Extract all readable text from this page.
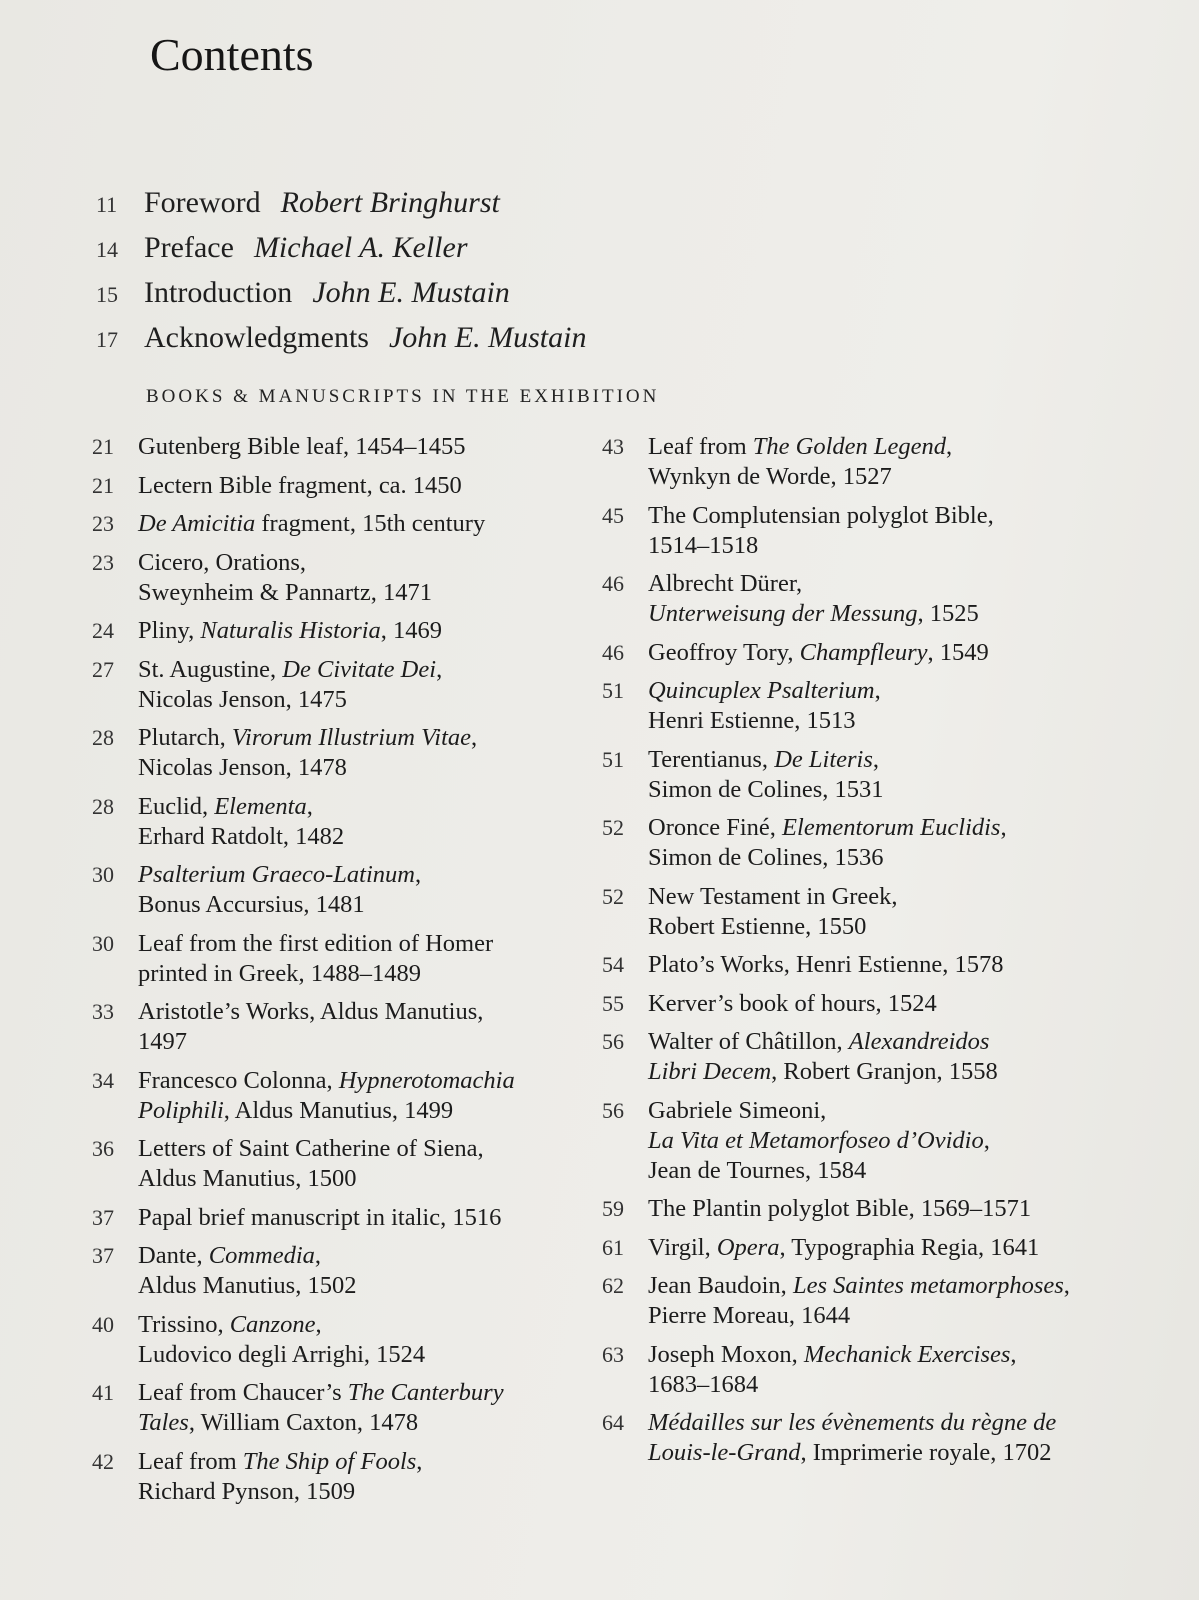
Contents
11 Foreword Robert Bringhurst
14 Preface Michael A. Keller
15 Introduction John E. Mustain
17 Acknowledgments John E. Mustain
BOOKS & MANUSCRIPTS IN THE EXHIBITION
21 Gutenberg Bible leaf, 1454–1455
21 Lectern Bible fragment, ca. 1450
23 De Amicitia fragment, 15th century
23 Cicero, Orations,
Sweynheim & Pannartz, 1471
24 Pliny, Naturalis Historia, 1469
27 St. Augustine, De Civitate Dei,
Nicolas Jenson, 1475
28 Plutarch, Virorum Illustrium Vitae,
Nicolas Jenson, 1478
28 Euclid, Elementa,
Erhard Ratdolt, 1482
30 Psalterium Graeco-Latinum,
Bonus Accursius, 1481
30 Leaf from the first edition of Homer
printed in Greek, 1488–1489
33 Aristotle’s Works, Aldus Manutius,
1497
34 Francesco Colonna, Hypnerotomachia
Poliphili, Aldus Manutius, 1499
36 Letters of Saint Catherine of Siena,
Aldus Manutius, 1500
37 Papal brief manuscript in italic, 1516
37 Dante, Commedia,
Aldus Manutius, 1502
40 Trissino, Canzone,
Ludovico degli Arrighi, 1524
41 Leaf from Chaucer’s The Canterbury
Tales, William Caxton, 1478
42 Leaf from The Ship of Fools,
Richard Pynson, 1509
43 Leaf from The Golden Legend,
Wynkyn de Worde, 1527
45 The Complutensian polyglot Bible,
1514–1518
46 Albrecht Dürer,
Unterweisung der Messung, 1525
46 Geoffroy Tory, Champfleury, 1549
51 Quincuplex Psalterium,
Henri Estienne, 1513
51 Terentianus, De Literis,
Simon de Colines, 1531
52 Oronce Finé, Elementorum Euclidis,
Simon de Colines, 1536
52 New Testament in Greek,
Robert Estienne, 1550
54 Plato’s Works, Henri Estienne, 1578
55 Kerver’s book of hours, 1524
56 Walter of Châtillon, Alexandreidos
Libri Decem, Robert Granjon, 1558
56 Gabriele Simeoni,
La Vita et Metamorfoseo d’Ovidio,
Jean de Tournes, 1584
59 The Plantin polyglot Bible, 1569–1571
61 Virgil, Opera, Typographia Regia, 1641
62 Jean Baudoin, Les Saintes metamorphoses,
Pierre Moreau, 1644
63 Joseph Moxon, Mechanick Exercises,
1683–1684
64 Médailles sur les évènements du règne de
Louis-le-Grand, Imprimerie royale, 1702
